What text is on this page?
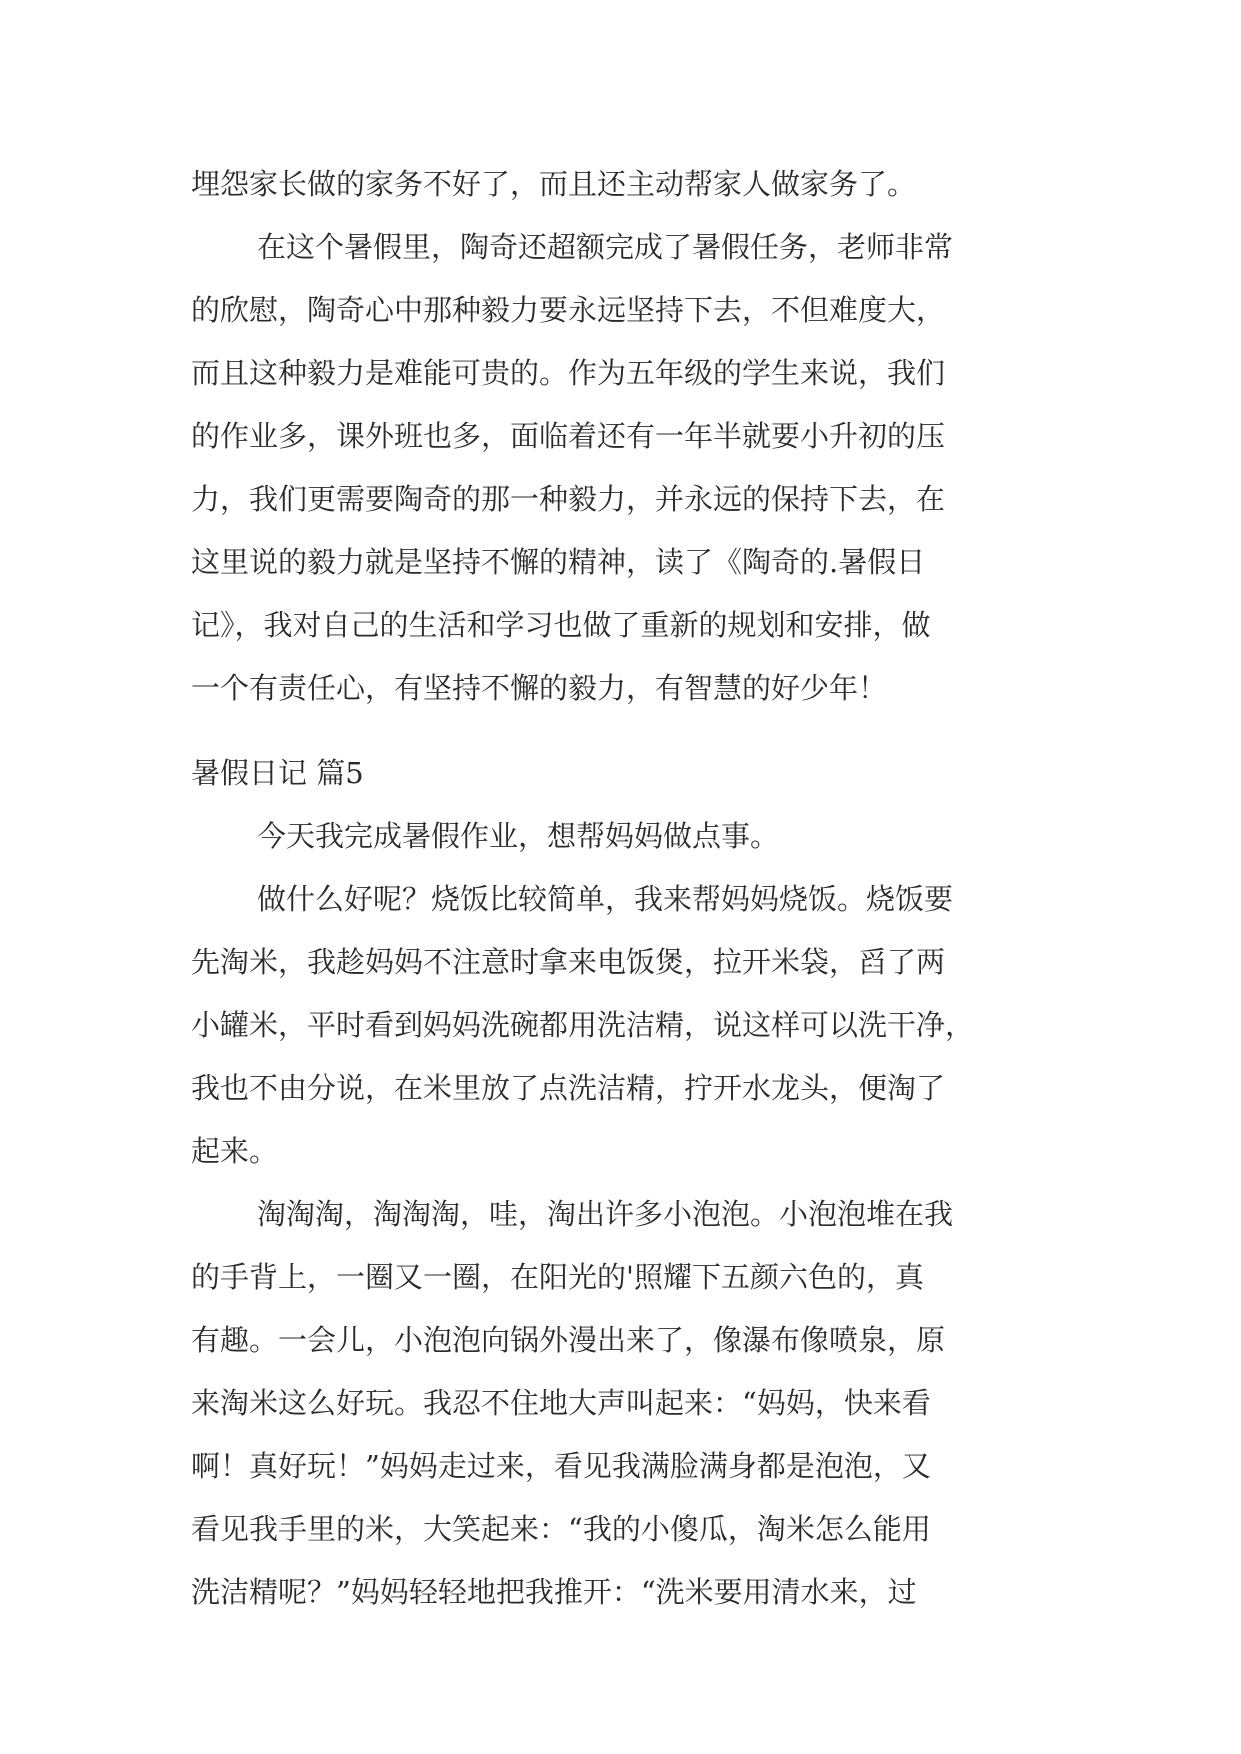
埋怨家长做的家务不好了，而且还主动帮家人做家务了。
在这个暑假里，陶奇还超额完成了暑假任务，老师非常
的欣慰，陶奇心中那种毅力要永远坚持下去，不但难度大，
而且这种毅力是难能可贵的。作为五年级的学生来说，我们
的作业多，课外班也多，面临着还有一年半就要小升初的压
力，我们更需要陶奇的那一种毅力，并永远的保持下去，在
这里说的毅力就是坚持不懈的精神，读了《陶奇的.暑假日
记》，我对自己的生活和学习也做了重新的规划和安排，做
一个有责任心，有坚持不懈的毅力，有智慧的好少年！
暑假日记 篇5
今天我完成暑假作业，想帮妈妈做点事。
做什么好呢？烧饭比较简单，我来帮妈妈烧饭。烧饭要
先淘米，我趁妈妈不注意时拿来电饭煲，拉开米袋，舀了两
小罐米，平时看到妈妈洗碗都用洗洁精，说这样可以洗干净，
我也不由分说，在米里放了点洗洁精，拧开水龙头，便淘了
起来。
淘淘淘，淘淘淘，哇，淘出许多小泡泡。小泡泡堆在我
的手背上，一圈又一圈，在阳光的'照耀下五颜六色的，真
有趣。一会儿，小泡泡向锅外漫出来了，像瀑布像喷泉，原
来淘米这么好玩。我忍不住地大声叫起来：“妈妈，快来看
啊！真好玩！”妈妈走过来，看见我满脸满身都是泡泡，又
看见我手里的米，大笑起来：“我的小傻瓜，淘米怎么能用
洗洁精呢？”妈妈轻轻地把我推开：“洗米要用清水来，过
